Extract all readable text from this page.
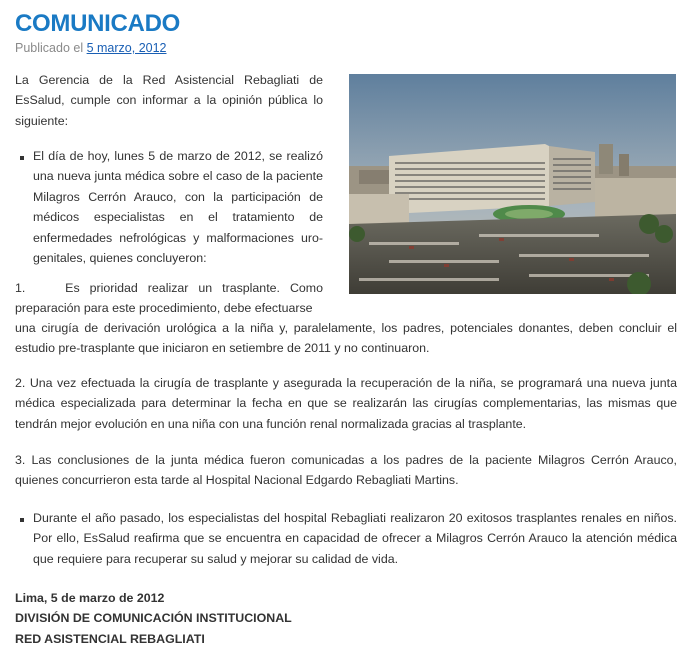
COMUNICADO
Publicado el 5 marzo, 2012

La Gerencia de la Red Asistencial Rebagliati de EsSalud, cumple con informar a la opinión pública lo siguiente:

El día de hoy, lunes 5 de marzo de 2012, se realizó una nueva junta médica sobre el caso de la paciente Milagros Cerrón Arauco, con la participación de médicos especialistas en el tratamiento de enfermedades nefrológicas y malformaciones uro-genitales, quienes concluyeron:

1.    Es prioridad realizar un trasplante. Como preparación para este procedimiento, debe efectuarse

una cirugía de derivación urológica a la niña y, paralelamente, los padres, potenciales donantes, deben concluir el estudio pre-trasplante que iniciaron en setiembre de 2011 y no continuaron.

2. Una vez efectuada la cirugía de trasplante y asegurada la recuperación de la niña, se programará una nueva junta médica especializada para determinar la fecha en que se realizarán las cirugías complementarias, las mismas que tendrán mejor evolución en una niña con una función renal normalizada gracias al trasplante.

3. Las conclusiones de la junta médica fueron comunicadas a los padres de la paciente Milagros Cerrón Arauco, quienes concurrieron esta tarde al Hospital Nacional Edgardo Rebagliati Martins.

Durante el año pasado, los especialistas del hospital Rebagliati realizaron 20 exitosos trasplantes renales en niños. Por ello, EsSalud reafirma que se encuentra en capacidad de ofrecer a Milagros Cerrón Arauco la atención médica que requiere para recuperar su salud y mejorar su calidad de vida.

Lima, 5 de marzo de 2012
DIVISIÓN DE COMUNICACIÓN INSTITUCIONAL
RED ASISTENCIAL REBAGLIATI
